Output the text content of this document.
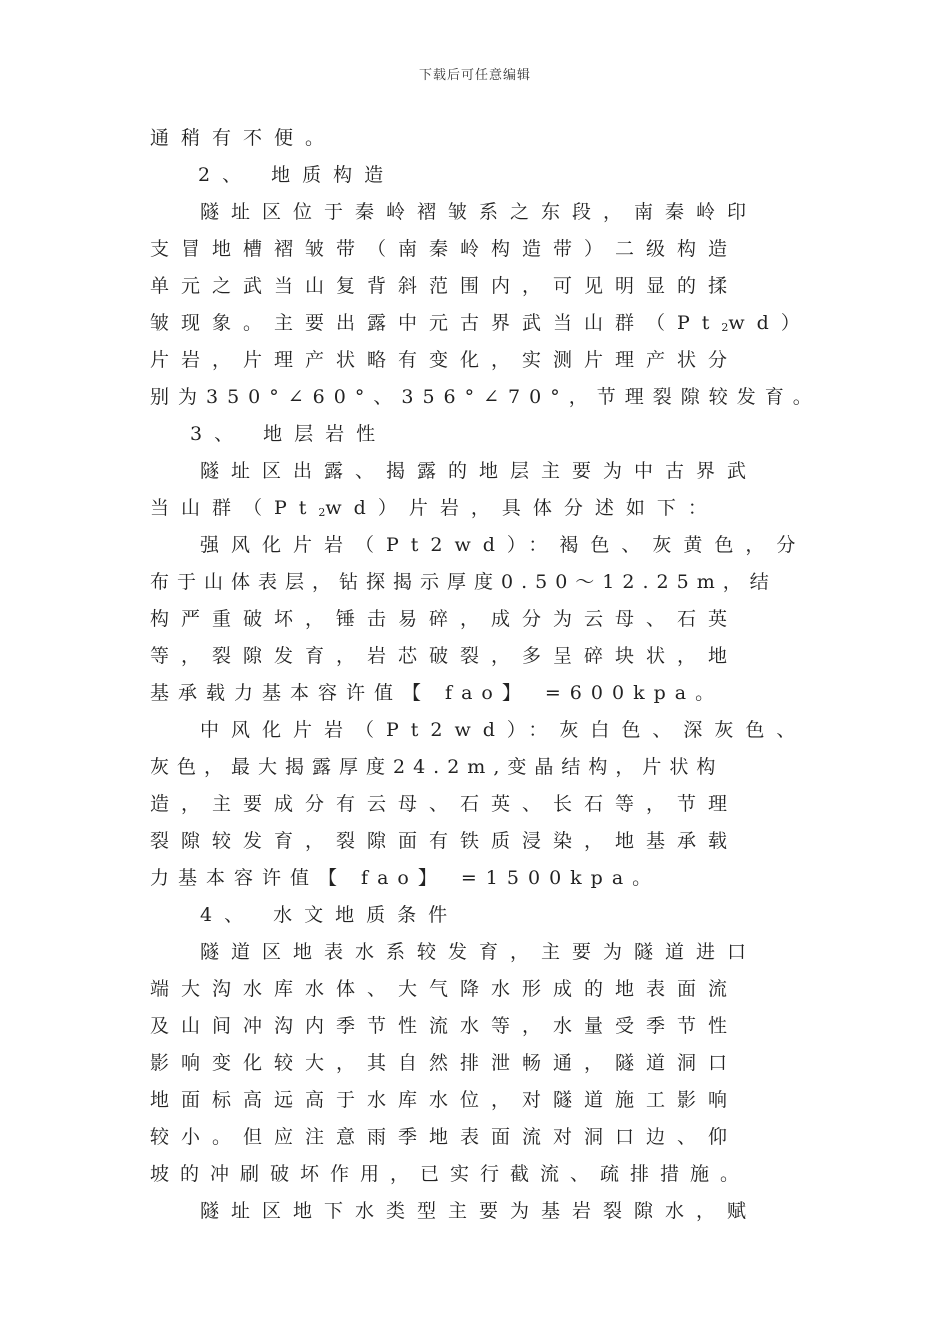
下载后可任意编辑
通稍有不便。
2、 地质构造
隧址区位于秦岭褶皱系之东段，南秦岭印
支冒地槽褶皱带（南秦岭构造带）二级构造
单元之武当山复背斜范围内，可见明显的揉
皱现象。主要出露中元古界武当山群$(Pt_2wd)$
片岩，片理产状略有变化，实测片理产状分
别为350°∠60°、356°∠70°，节理裂隙较发育。
3、 地层岩性
隧址区出露、揭露的地层主要为中古界武
当山群$(Pt_2wd)$片岩，具体分述如下：
强风化片岩（Pt2wd）：褐色、灰黄色，分
布于山体表层，钻探揭示厚度0.50～12.25m，结
构严重破坏，锤击易碎，成分为云母、石英
等，裂隙发育，岩芯破裂，多呈碎块状，地
基承载力基本容许值【 fao】 =600kpa。
中风化片岩（Pt2wd）：灰白色、深灰色、
灰色，最大揭露厚度24.2m,变晶结构，片状构
造，主要成分有云母、石英、长石等，节理
裂隙较发育，裂隙面有铁质浸染，地基承载
力基本容许值【 fao】 =1500kpa。
4、 水文地质条件
隧道区地表水系较发育，主要为隧道进口
端大沟水库水体、大气降水形成的地表面流
及山间冲沟内季节性流水等，水量受季节性
影响变化较大，其自然排泄畅通，隧道洞口
地面标高远高于水库水位，对隧道施工影响
较小。但应注意雨季地表面流对洞口边、仰
坡的冲刷破坏作用，已实行截流、疏排措施。
隧址区地下水类型主要为基岩裂隙水，赋
